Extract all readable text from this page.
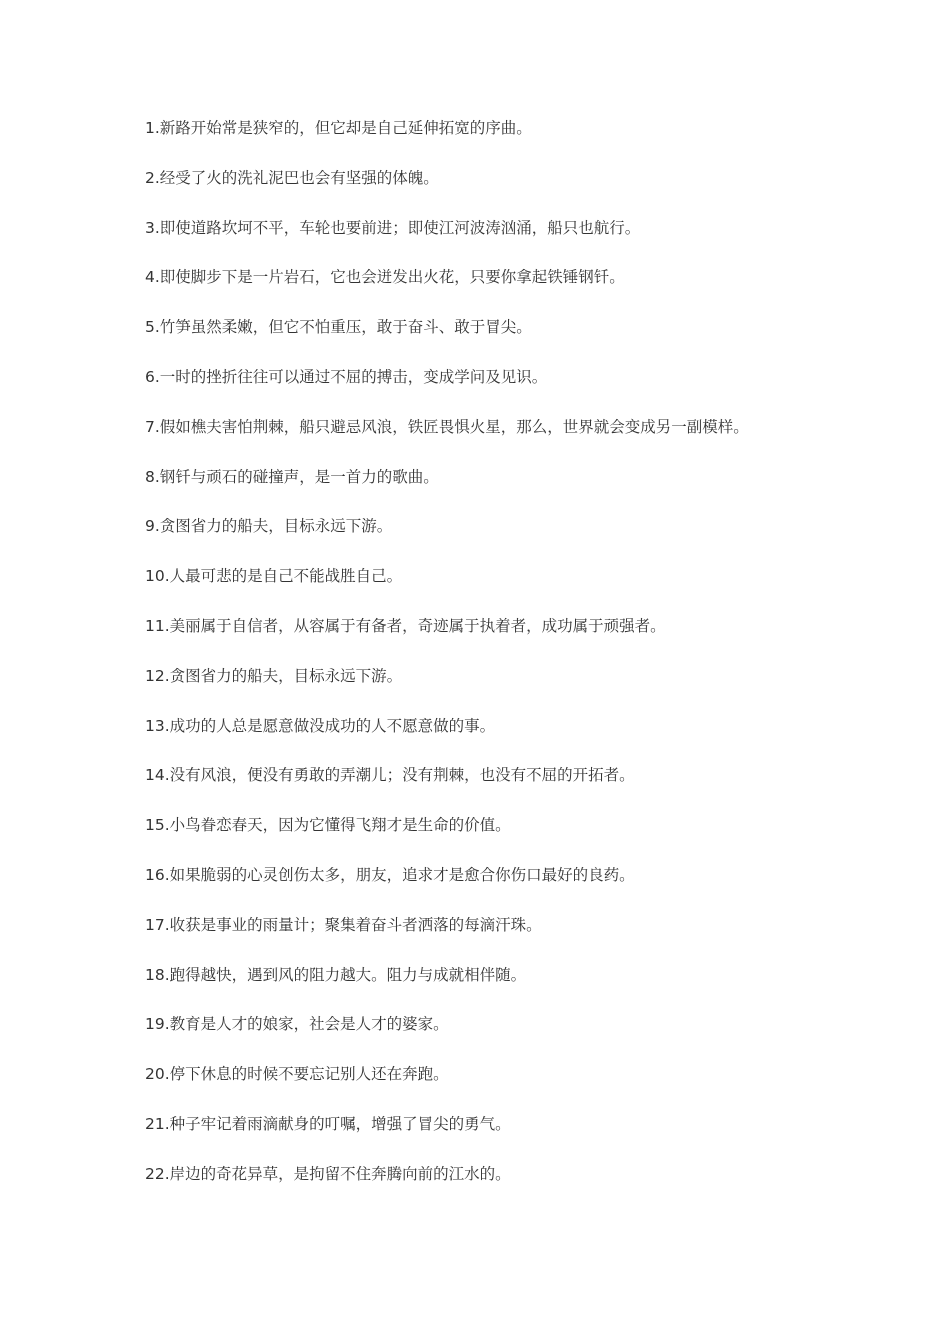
1.新路开始常是狭窄的，但它却是自己延伸拓宽的序曲。
2.经受了火的洗礼泥巴也会有坚强的体魄。
3.即使道路坎坷不平，车轮也要前进；即使江河波涛汹涌，船只也航行。
4.即使脚步下是一片岩石，它也会迸发出火花，只要你拿起铁锤钢钎。
5.竹笋虽然柔嫩，但它不怕重压，敢于奋斗、敢于冒尖。
6.一时的挫折往往可以通过不屈的搏击，变成学问及见识。
7.假如樵夫害怕荆棘，船只避忌风浪，铁匠畏惧火星，那么，世界就会变成另一副模样。
8.钢钎与顽石的碰撞声，是一首力的歌曲。
9.贪图省力的船夫，目标永远下游。
10.人最可悲的是自己不能战胜自己。
11.美丽属于自信者，从容属于有备者，奇迹属于执着者，成功属于顽强者。
12.贪图省力的船夫，目标永远下游。
13.成功的人总是愿意做没成功的人不愿意做的事。
14.没有风浪，便没有勇敢的弄潮儿；没有荆棘，也没有不屈的开拓者。
15.小鸟眷恋春天，因为它懂得飞翔才是生命的价值。
16.如果脆弱的心灵创伤太多，朋友，追求才是愈合你伤口最好的良药。
17.收获是事业的雨量计；聚集着奋斗者洒落的每滴汗珠。
18.跑得越快，遇到风的阻力越大。阻力与成就相伴随。
19.教育是人才的娘家，社会是人才的婆家。
20.停下休息的时候不要忘记别人还在奔跑。
21.种子牢记着雨滴献身的叮嘱，增强了冒尖的勇气。
22.岸边的奇花异草，是拘留不住奔腾向前的江水的。
